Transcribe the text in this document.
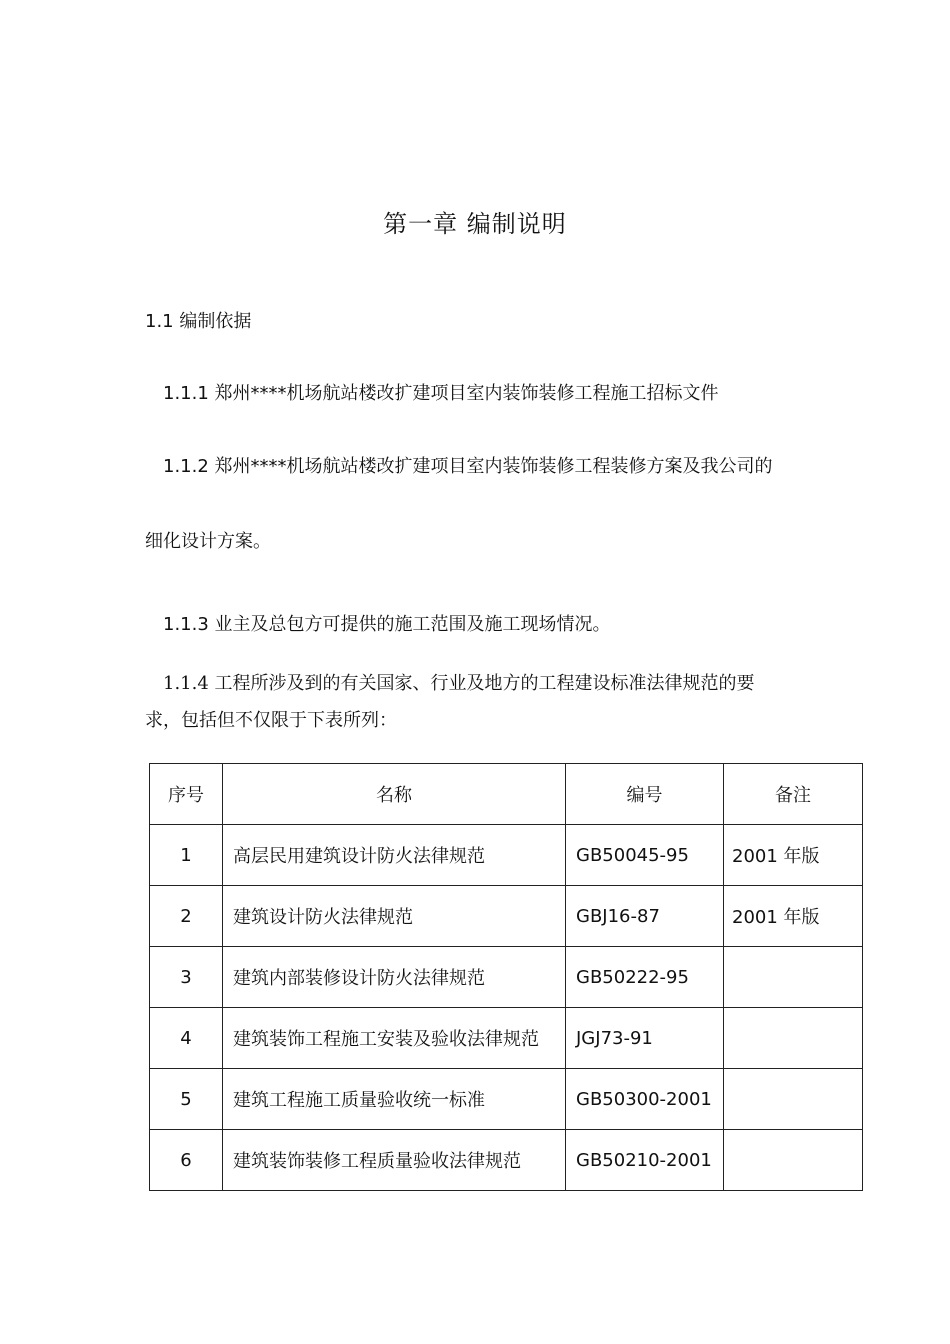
第一章 编制说明
1.1 编制依据
1.1.1 郑州****机场航站楼改扩建项目室内装饰装修工程施工招标文件
1.1.2 郑州****机场航站楼改扩建项目室内装饰装修工程装修方案及我公司的
细化设计方案。
1.1.3 业主及总包方可提供的施工范围及施工现场情况。
1.1.4 工程所涉及到的有关国家、行业及地方的工程建设标准法律规范的要
求，包括但不仅限于下表所列：
序号	名称	编号	备注
1	高层民用建筑设计防火法律规范	GB50045-95	2001 年版
2	建筑设计防火法律规范	GBJ16-87	2001 年版
3	建筑内部装修设计防火法律规范	GB50222-95	
4	建筑装饰工程施工安装及验收法律规范	JGJ73-91	
5	建筑工程施工质量验收统一标准	GB50300-2001	
6	建筑装饰装修工程质量验收法律规范	GB50210-2001	
